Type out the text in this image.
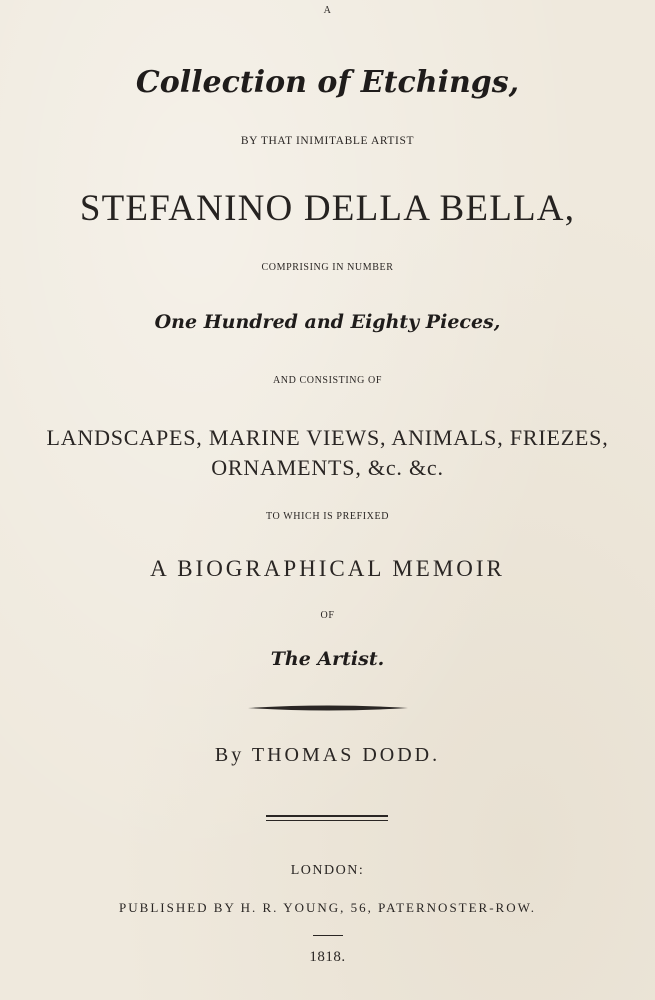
A
Collection of Etchings,
BY THAT INIMITABLE ARTIST
STEFANINO DELLA BELLA,
COMPRISING IN NUMBER
One Hundred and Eighty Pieces,
AND CONSISTING OF
LANDSCAPES, MARINE VIEWS, ANIMALS, FRIEZES,
ORNAMENTS, &c. &c.
TO WHICH IS PREFIXED
A BIOGRAPHICAL MEMOIR
OF
The Artist.
By THOMAS DODD.
LONDON:
PUBLISHED BY H. R. YOUNG, 56, PATERNOSTER-ROW.
1818.
